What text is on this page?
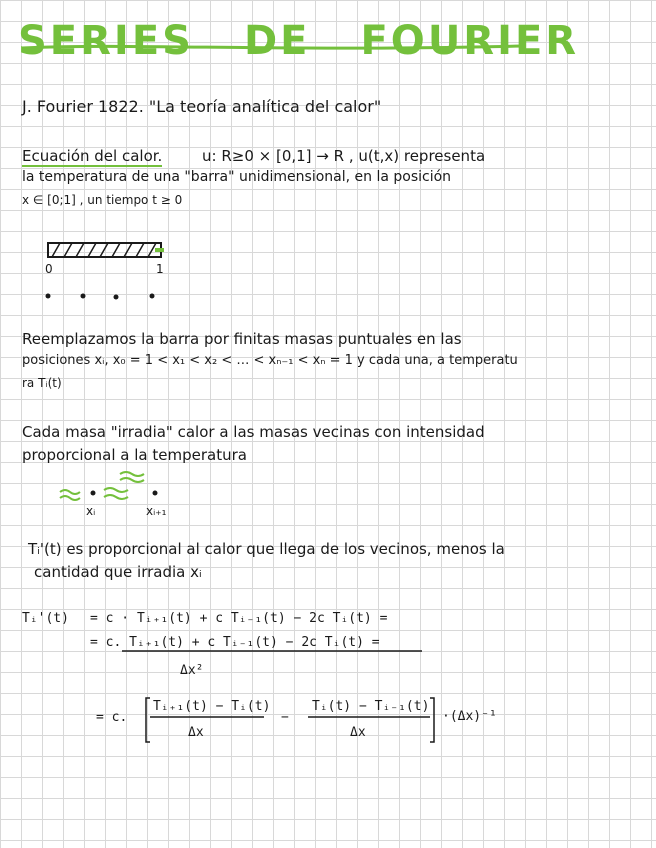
SERIES DE FOURIER
J. Fourier 1822. "La teoría analítica del calor"
Ecuación del calor.	u: R≥0 × [0,1] → R , u(t,x) representa
la temperatura de una "barra" unidimensional, en la posición
x ∈ [0;1] , un tiempo t ≥ 0
0	1
Reemplazamos la barra por finitas masas puntuales en las
posiciones xᵢ, x₀ = 1 < x₁ < x₂ < … < xₙ₋₁ < xₙ = 1 y cada una, a temperatu
ra Tᵢ(t)
Cada masa "irradia" calor a las masas vecinas con intensidad
proporcional a la temperatura
xᵢ	xᵢ₊₁
Tᵢ'(t) es proporcional al calor que llega de los vecinos, menos la
cantidad que irradia xᵢ
Tᵢ'(t) = c · Tᵢ₊₁(t) + c Tᵢ₋₁(t) − 2c Tᵢ(t) =
= c. Tᵢ₊₁(t) + c Tᵢ₋₁(t) − 2c Tᵢ(t) =
Δx²
= c.
Tᵢ₊₁(t) − Tᵢ(t)
Δx
−
Tᵢ(t) − Tᵢ₋₁(t)
Δx
·(Δx)⁻¹
